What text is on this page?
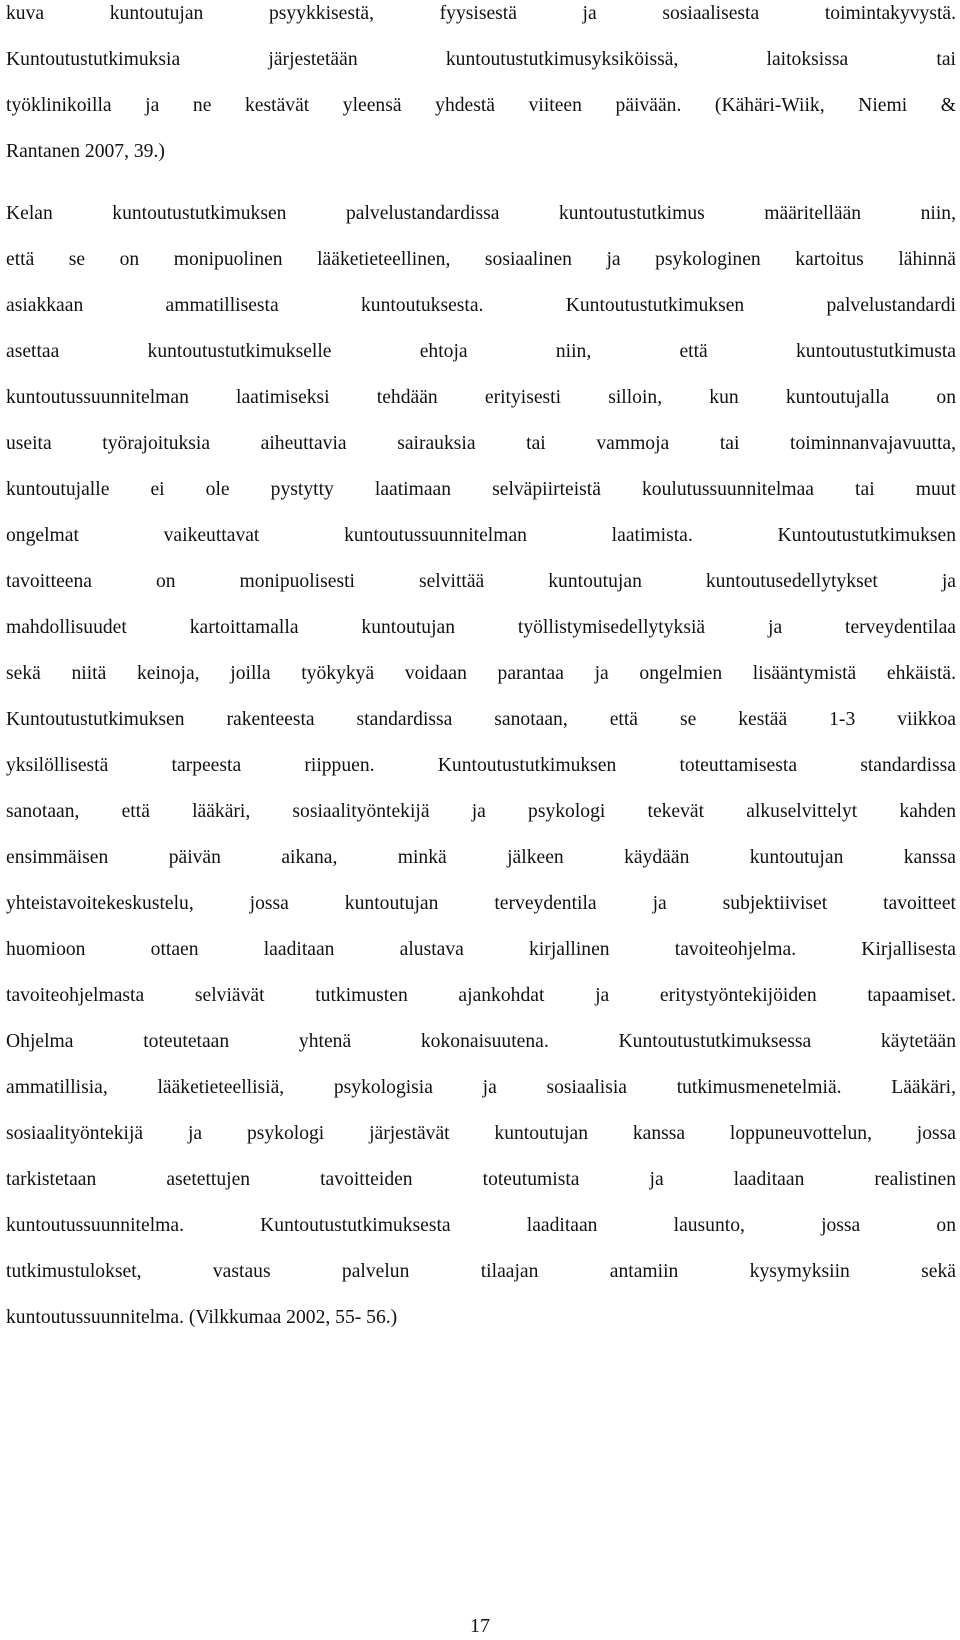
kuva kuntoutujan psyykkisestä, fyysisestä ja sosiaalisesta toimintakyvystä.
Kuntoutustutkimuksia järjestetään kuntoutustutkimusyksiköissä, laitoksissa tai
työklinikoilla ja ne kestävät yleensä yhdestä viiteen päivään. (Kähäri-Wiik, Niemi &
Rantanen 2007, 39.)
Kelan kuntoutustutkimuksen palvelustandardissa kuntoutustutkimus määritellään niin,
että se on monipuolinen lääketieteellinen, sosiaalinen ja psykologinen kartoitus lähinnä
asiakkaan ammatillisesta kuntoutuksesta. Kuntoutustutkimuksen palvelustandardi
asettaa kuntoutustutkimukselle ehtoja niin, että kuntoutustutkimusta
kuntoutussuunnitelman laatimiseksi tehdään erityisesti silloin, kun kuntoutujalla on
useita työrajoituksia aiheuttavia sairauksia tai vammoja tai toiminnanvajavuutta,
kuntoutujalle ei ole pystytty laatimaan selväpiirteistä koulutussuunnitelmaa tai muut
ongelmat vaikeuttavat kuntoutussuunnitelman laatimista. Kuntoutustutkimuksen
tavoitteena on monipuolisesti selvittää kuntoutujan kuntoutusedellytykset ja
mahdollisuudet kartoittamalla kuntoutujan työllistymisedellytyksiä ja terveydentilaa
sekä niitä keinoja, joilla työkykyä voidaan parantaa ja ongelmien lisääntymistä ehkäistä.
Kuntoutustutkimuksen rakenteesta standardissa sanotaan, että se kestää 1-3 viikkoa
yksilöllisestä tarpeesta riippuen. Kuntoutustutkimuksen toteuttamisesta standardissa
sanotaan, että lääkäri, sosiaalityöntekijä ja psykologi tekevät alkuselvittelyt kahden
ensimmäisen päivän aikana, minkä jälkeen käydään kuntoutujan kanssa
yhteistavoitekeskustelu, jossa kuntoutujan terveydentila ja subjektiiviset tavoitteet
huomioon ottaen laaditaan alustava kirjallinen tavoiteohjelma. Kirjallisesta
tavoiteohjelmasta selviävät tutkimusten ajankohdat ja eritystyöntekijöiden tapaamiset.
Ohjelma toteutetaan yhtenä kokonaisuutena. Kuntoutustutkimuksessa käytetään
ammatillisia, lääketieteellisiä, psykologisia ja sosiaalisia tutkimusmenetelmiä. Lääkäri,
sosiaalityöntekijä ja psykologi järjestävät kuntoutujan kanssa loppuneuvottelun, jossa
tarkistetaan asetettujen tavoitteiden toteutumista ja laaditaan realistinen
kuntoutussuunnitelma. Kuntoutustutkimuksesta laaditaan lausunto, jossa on
tutkimustulokset, vastaus palvelun tilaajan antamiin kysymyksiin sekä
kuntoutussuunnitelma. (Vilkkumaa 2002, 55- 56.)
17
